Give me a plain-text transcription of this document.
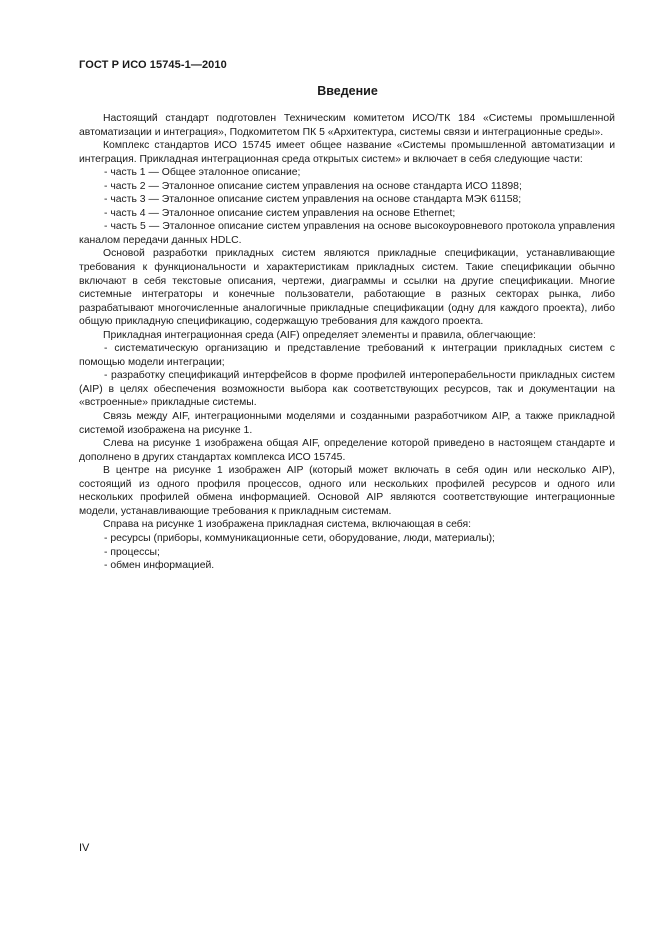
ГОСТ Р ИСО 15745-1—2010
Введение

Настоящий стандарт подготовлен Техническим комитетом ИСО/ТК 184 «Системы промышленной автоматизации и интеграция», Подкомитетом ПК 5 «Архитектура, системы связи и интеграционные среды».

Комплекс стандартов ИСО 15745 имеет общее название «Системы промышленной автоматизации и интеграция. Прикладная интеграционная среда открытых систем» и включает в себя следующие части:

- часть 1 — Общее эталонное описание;

- часть 2 — Эталонное описание систем управления на основе стандарта ИСО 11898;

- часть 3 — Эталонное описание систем управления на основе стандарта МЭК 61158;

- часть 4 — Эталонное описание систем управления на основе Ethernet;

- часть 5 — Эталонное описание систем управления на основе высокоуровневого протокола управления каналом передачи данных HDLC.

Основой разработки прикладных систем являются прикладные спецификации, устанавливающие требования к функциональности и характеристикам прикладных систем. Такие спецификации обычно включают в себя текстовые описания, чертежи, диаграммы и ссылки на другие спецификации. Многие системные интеграторы и конечные пользователи, работающие в разных секторах рынка, либо разрабатывают многочисленные аналогичные прикладные спецификации (одну для каждого проекта), либо общую прикладную спецификацию, содержащую требования для каждого проекта.

Прикладная интеграционная среда (AIF) определяет элементы и правила, облегчающие:

- систематическую организацию и представление требований к интеграции прикладных систем с помощью модели интеграции;

- разработку спецификаций интерфейсов в форме профилей интероперабельности прикладных систем (AIP) в целях обеспечения возможности выбора как соответствующих ресурсов, так и документации на «встроенные» прикладные системы.

Связь между AIF, интеграционными моделями и созданными разработчиком AIP, а также прикладной системой изображена на рисунке 1.

Слева на рисунке 1 изображена общая AIF, определение которой приведено в настоящем стандарте и дополнено в других стандартах комплекса ИСО 15745.

В центре на рисунке 1 изображен AIP (который может включать в себя один или несколько AIP), состоящий из одного профиля процессов, одного или нескольких профилей ресурсов и одного или нескольких профилей обмена информацией. Основой AIP являются соответствующие интеграционные модели, устанавливающие требования к прикладным системам.

Справа на рисунке 1 изображена прикладная система, включающая в себя:

- ресурсы (приборы, коммуникационные сети, оборудование, люди, материалы);

- процессы;

- обмен информацией.

IV
